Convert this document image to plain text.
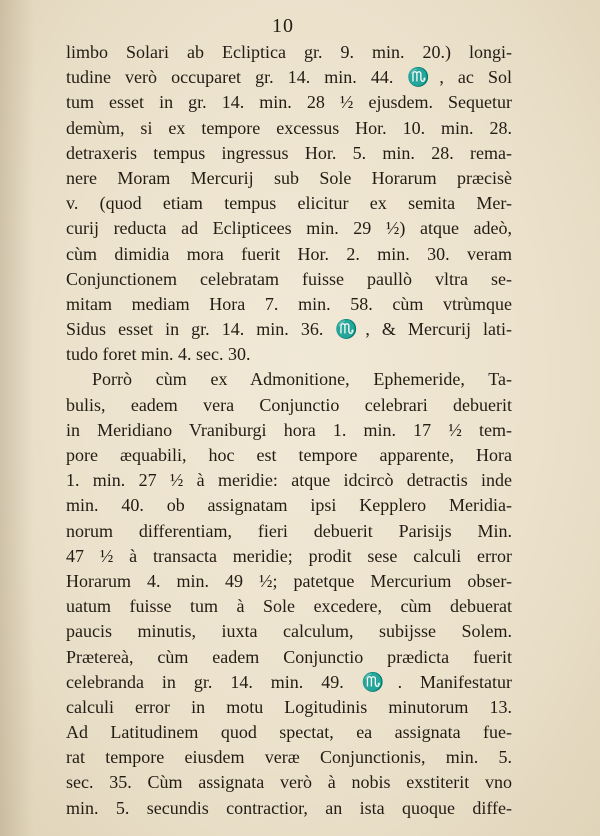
10
limbo Solari ab Ecliptica gr. 9. min. 20.) longi-
tudine verò occuparet gr. 14. min. 44. ♏, ac Sol
tum esset in gr. 14. min. 28 ½ ejusdem. Sequetur
demùm, si ex tempore excessus Hor. 10. min. 28.
detraxeris tempus ingressus Hor. 5. min. 28. rema-
nere Moram Mercurij sub Sole Horarum præcisè
v. (quod etiam tempus elicitur ex semita Mer-
curij reducta ad Eclipticees min. 29 ½) atque adeò,
cùm dimidia mora fuerit Hor. 2. min. 30. veram
Conjunctionem celebratam fuisse paullò vltra se-
mitam mediam Hora 7. min. 58. cùm vtrùmque
Sidus esset in gr. 14. min. 36. ♏, & Mercurij lati-
tudo foret min. 4. sec. 30.
Porrò cùm ex Admonitione, Ephemeride, Ta-
bulis, eadem vera Conjunctio celebrari debuerit
in Meridiano Vraniburgi hora 1. min. 17 ½ tem-
pore æquabili, hoc est tempore apparente, Hora
1. min. 27 ½ à meridie: atque idcircò detractis inde
min. 40. ob assignatam ipsi Kepplero Meridia-
norum differentiam, fieri debuerit Parisijs Min.
47 ½ à transacta meridie; prodit sese calculi error
Horarum 4. min. 49 ½; patetque Mercurium obser-
uatum fuisse tum à Sole excedere, cùm debuerat
paucis minutis, iuxta calculum, subijsse Solem.
Prætereà, cùm eadem Conjunctio prædicta fuerit
celebranda in gr. 14. min. 49. ♏. Manifestatur
calculi error in motu Logitudinis minutorum 13.
Ad Latitudinem quod spectat, ea assignata fue-
rat tempore eiusdem veræ Conjunctionis, min. 5.
sec. 35. Cùm assignata verò à nobis exstiterit vno
min. 5. secundis contractior, an ista quoque diffe-
